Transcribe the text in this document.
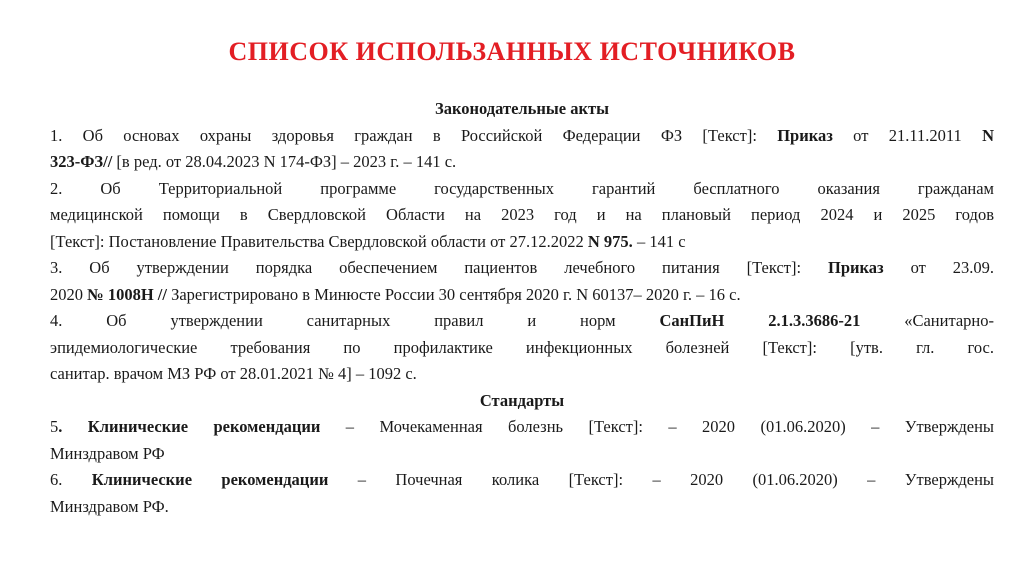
СПИСОК ИСПОЛЬЗАННЫХ ИСТОЧНИКОВ
Законодательные акты
1. Об основах охраны здоровья граждан в Российской Федерации ФЗ [Текст]: Приказ от 21.11.2011 N
323-ФЗ// [в ред. от 28.04.2023 N 174-ФЗ] – 2023 г. – 141 с.
2. Об Территориальной программе государственных гарантий бесплатного оказания гражданам
медицинской помощи в Свердловской Области на 2023 год и на плановый период 2024 и 2025 годов
[Текст]: Постановление Правительства Свердловской области от 27.12.2022 N 975. – 141 с
3. Об утверждении порядка обеспечением пациентов лечебного питания [Текст]: Приказ от 23.09.
2020 № 1008Н // Зарегистрировано в Минюсте России 30 сентября 2020 г. N 60137– 2020 г. – 16 с.
4. Об утверждении санитарных правил и норм СанПиН 2.1.3.3686-21 «Санитарно-
эпидемиологические требования по профилактике инфекционных болезней [Текст]: [утв. гл. гос.
санитар. врачом МЗ РФ от 28.01.2021 № 4] – 1092 с.
Стандарты
5. Клинические рекомендации – Мочекаменная болезнь [Текст]: – 2020 (01.06.2020) – Утверждены
Минздравом РФ
6. Клинические рекомендации – Почечная колика [Текст]: – 2020 (01.06.2020) – Утверждены
Минздравом РФ.
